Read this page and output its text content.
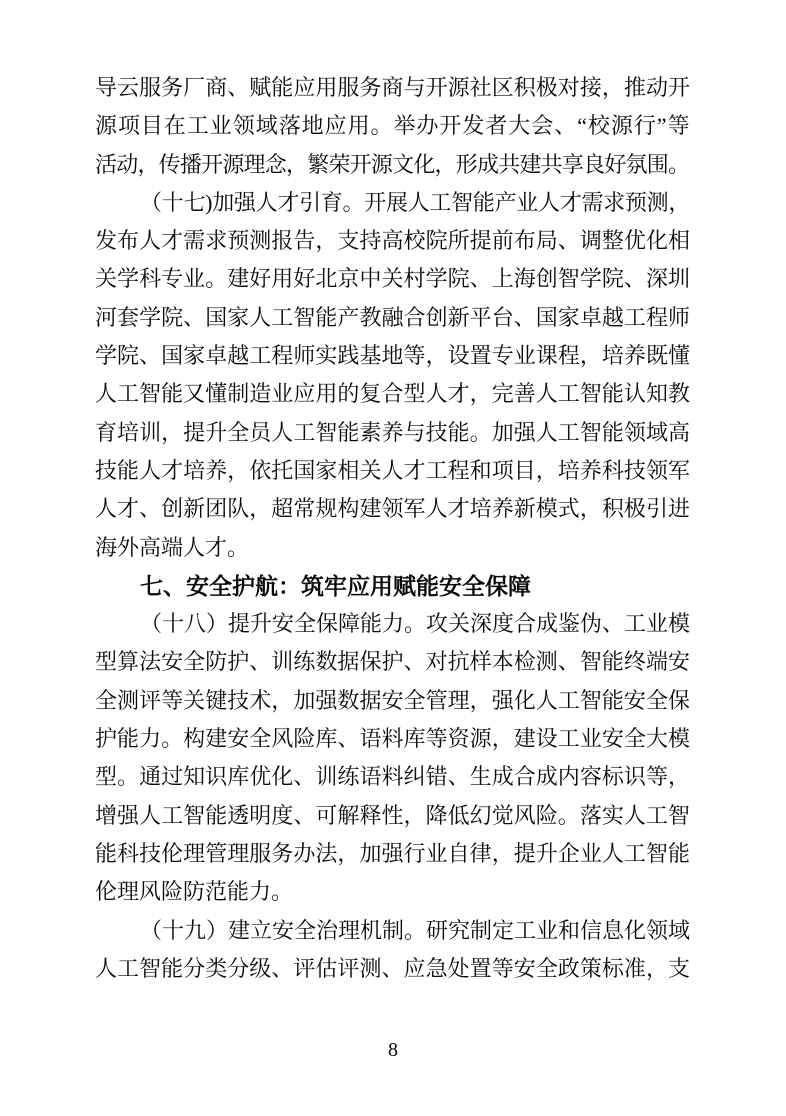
导云服务厂商、赋能应用服务商与开源社区积极对接，推动开
源项目在工业领域落地应用。举办开发者大会、“校源行”等
活动，传播开源理念，繁荣开源文化，形成共建共享良好氛围。
（十七)加强人才引育。开展人工智能产业人才需求预测，
发布人才需求预测报告，支持高校院所提前布局、调整优化相
关学科专业。建好用好北京中关村学院、上海创智学院、深圳
河套学院、国家人工智能产教融合创新平台、国家卓越工程师
学院、国家卓越工程师实践基地等，设置专业课程，培养既懂
人工智能又懂制造业应用的复合型人才，完善人工智能认知教
育培训，提升全员人工智能素养与技能。加强人工智能领域高
技能人才培养，依托国家相关人才工程和项目，培养科技领军
人才、创新团队，超常规构建领军人才培养新模式，积极引进
海外高端人才。
七、安全护航：筑牢应用赋能安全保障
（十八）提升安全保障能力。攻关深度合成鉴伪、工业模
型算法安全防护、训练数据保护、对抗样本检测、智能终端安
全测评等关键技术，加强数据安全管理，强化人工智能安全保
护能力。构建安全风险库、语料库等资源，建设工业安全大模
型。通过知识库优化、训练语料纠错、生成合成内容标识等，
增强人工智能透明度、可解释性，降低幻觉风险。落实人工智
能科技伦理管理服务办法，加强行业自律，提升企业人工智能
伦理风险防范能力。
（十九）建立安全治理机制。研究制定工业和信息化领域
人工智能分类分级、评估评测、应急处置等安全政策标准，支
8
